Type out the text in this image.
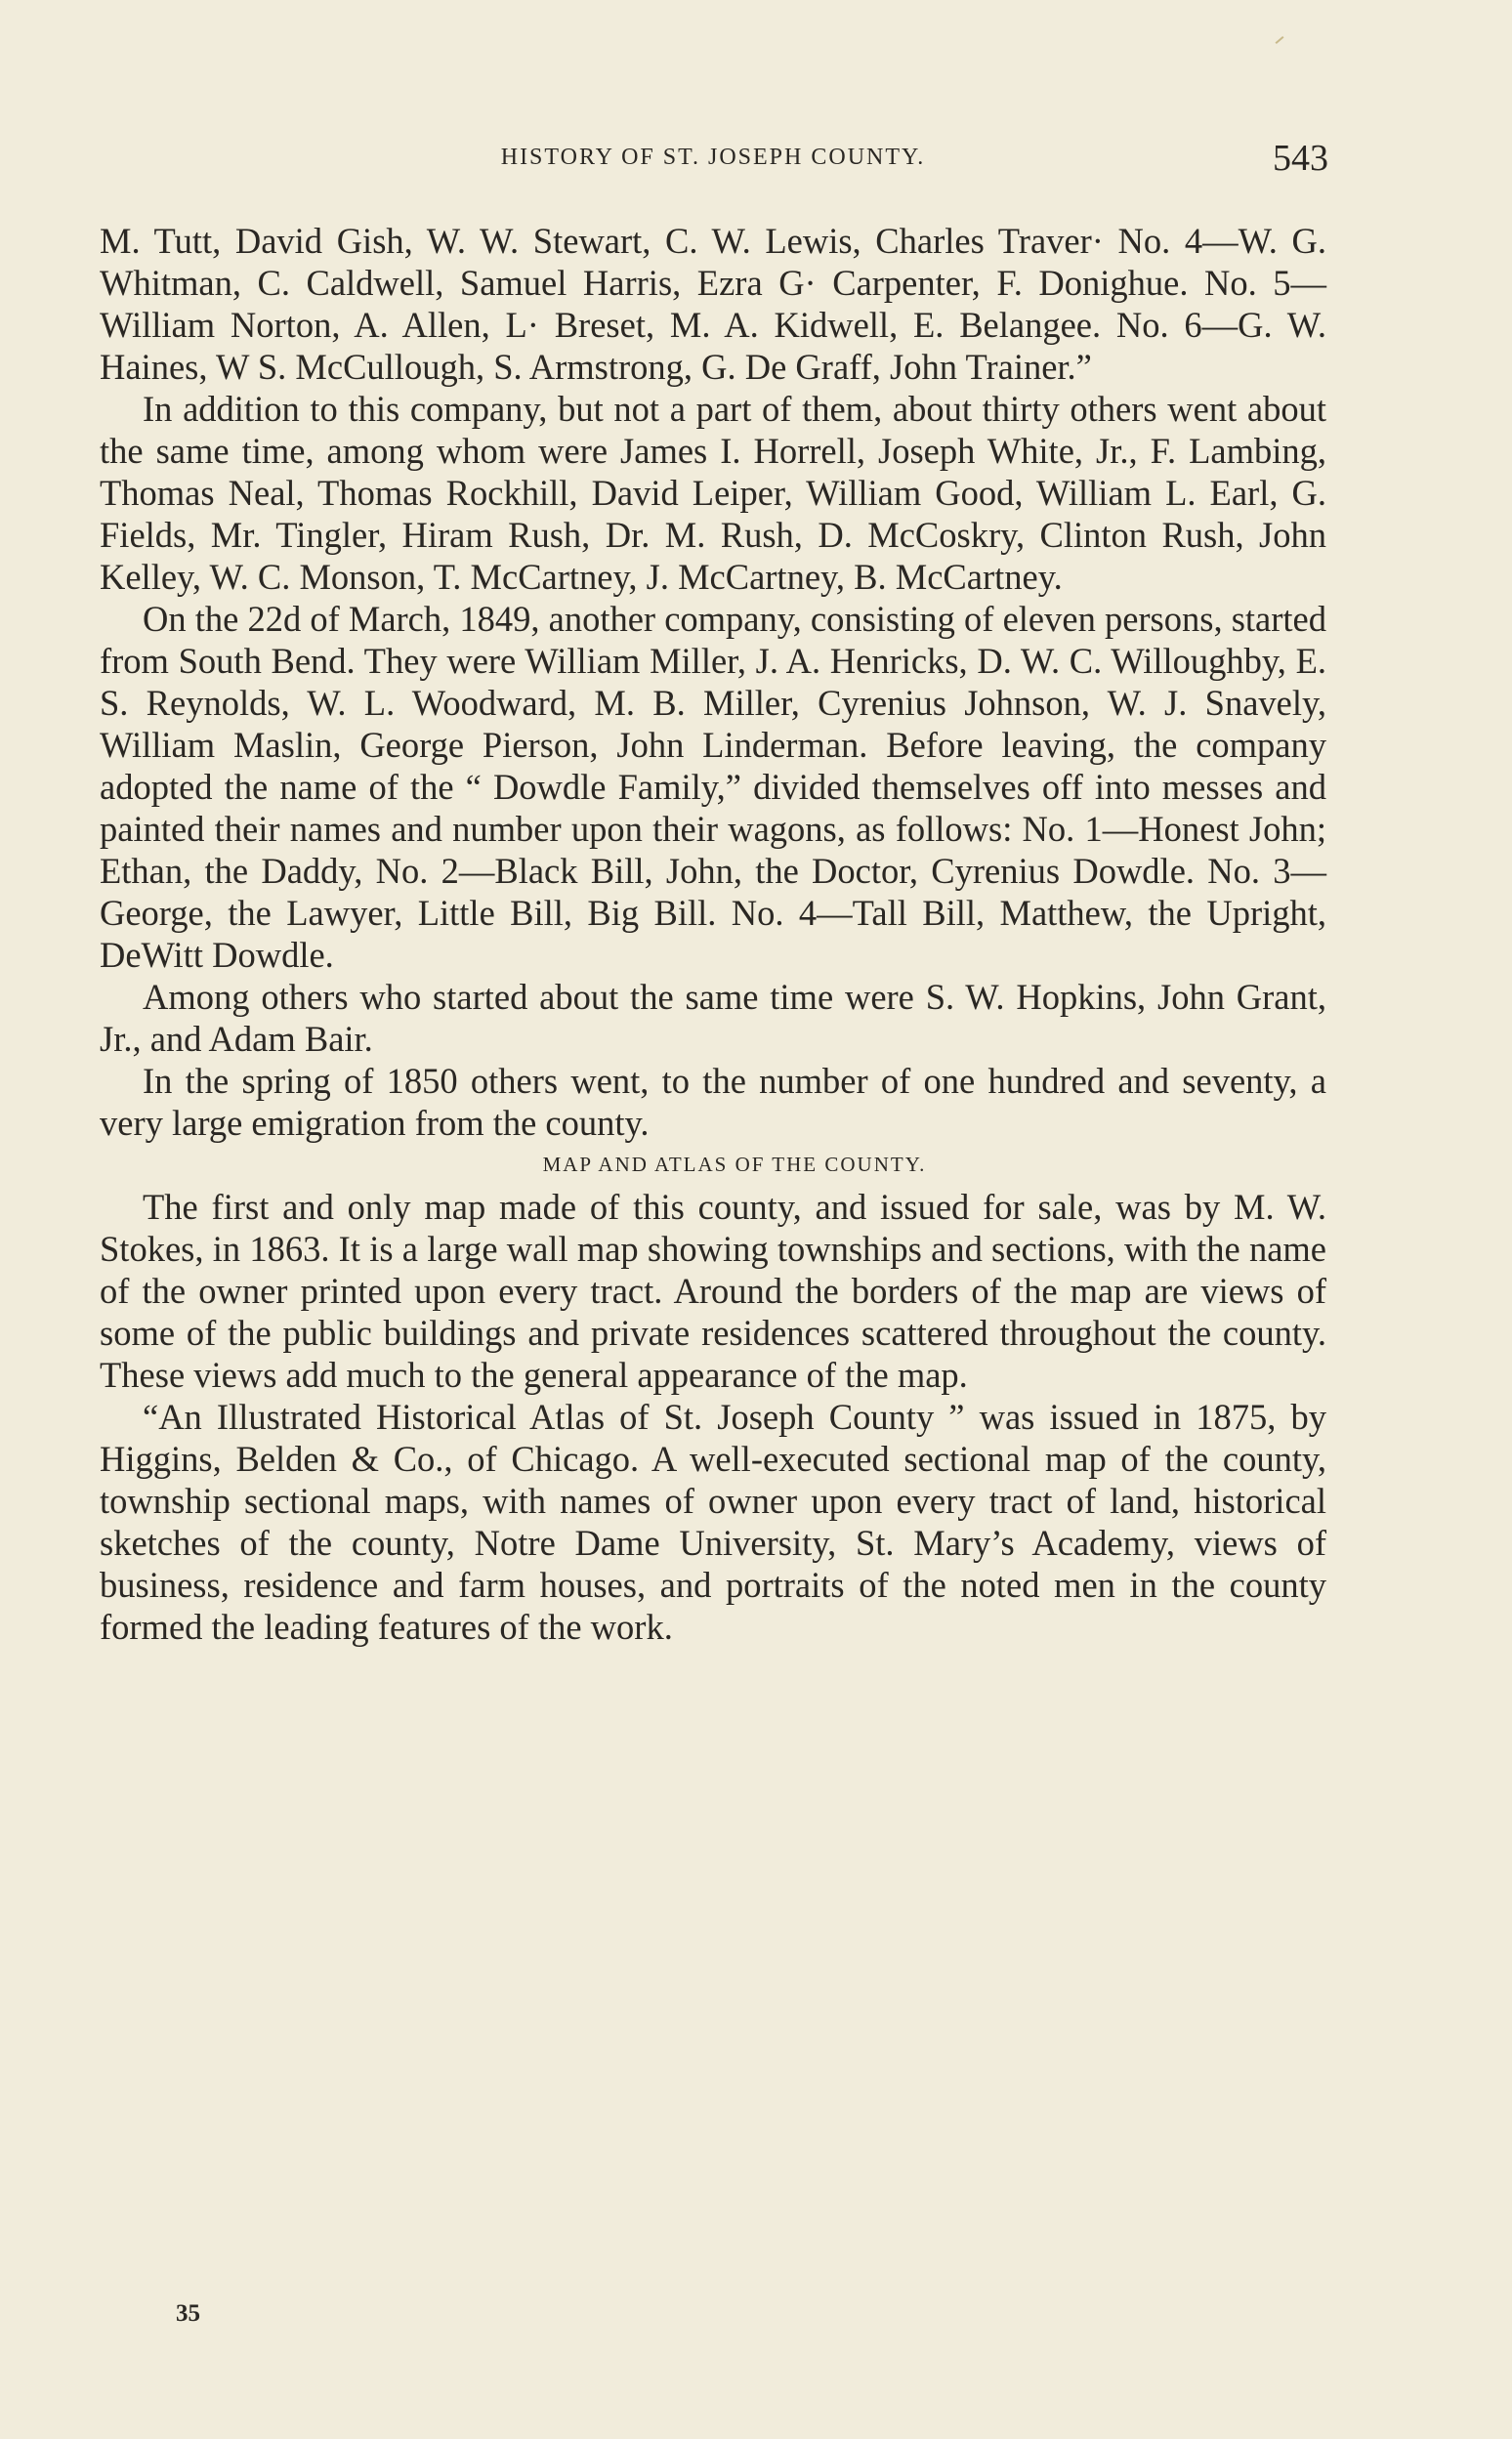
HISTORY OF ST. JOSEPH COUNTY.	543

M. Tutt, David Gish, W. W. Stewart, C. W. Lewis, Charles Traver· No. 4—W. G. Whitman, C. Caldwell, Samuel Harris, Ezra G· Carpenter, F. Donighue. No. 5—William Norton, A. Allen, L· Breset, M. A. Kidwell, E. Belangee. No. 6—G. W. Haines, W S. McCullough, S. Armstrong, G. De Graff, John Trainer.”

In addition to this company, but not a part of them, about thirty others went about the same time, among whom were James I. Horrell, Joseph White, Jr., F. Lambing, Thomas Neal, Thomas Rockhill, David Leiper, William Good, William L. Earl, G. Fields, Mr. Tingler, Hiram Rush, Dr. M. Rush, D. McCoskry, Clinton Rush, John Kelley, W. C. Monson, T. McCartney, J. McCartney, B. McCartney.

On the 22d of March, 1849, another company, consisting of eleven persons, started from South Bend. They were William Miller, J. A. Henricks, D. W. C. Willoughby, E. S. Reynolds, W. L. Woodward, M. B. Miller, Cyrenius Johnson, W. J. Snavely, William Maslin, George Pierson, John Linderman. Before leaving, the company adopted the name of the “ Dowdle Family,” divided themselves off into messes and painted their names and number upon their wagons, as follows: No. 1—Honest John; Ethan, the Daddy, No. 2—Black Bill, John, the Doctor, Cyrenius Dowdle. No. 3—George, the Lawyer, Little Bill, Big Bill. No. 4—Tall Bill, Matthew, the Upright, DeWitt Dowdle.

Among others who started about the same time were S. W. Hopkins, John Grant, Jr., and Adam Bair.

In the spring of 1850 others went, to the number of one hundred and seventy, a very large emigration from the county.

MAP AND ATLAS OF THE COUNTY.

The first and only map made of this county, and issued for sale, was by M. W. Stokes, in 1863. It is a large wall map showing townships and sections, with the name of the owner printed upon every tract. Around the borders of the map are views of some of the public buildings and private residences scattered throughout the county. These views add much to the general appearance of the map.

“An Illustrated Historical Atlas of St. Joseph County ” was issued in 1875, by Higgins, Belden & Co., of Chicago. A well-executed sectional map of the county, township sectional maps, with names of owner upon every tract of land, historical sketches of the county, Notre Dame University, St. Mary’s Academy, views of business, residence and farm houses, and portraits of the noted men in the county formed the leading features of the work.

35
